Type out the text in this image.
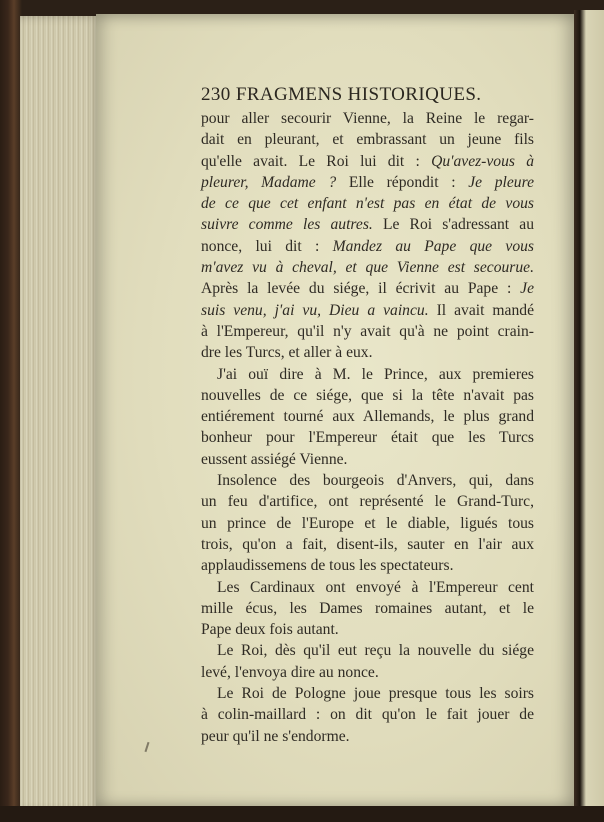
230 FRAGMENS HISTORIQUES.
pour aller secourir Vienne, la Reine le regar-
dait en pleurant, et embrassant un jeune fils
qu'elle avait. Le Roi lui dit : Qu'avez-vous à
pleurer, Madame ? Elle répondit : Je pleure
de ce que cet enfant n'est pas en état de vous
suivre comme les autres. Le Roi s'adressant au
nonce, lui dit : Mandez au Pape que vous
m'avez vu à cheval, et que Vienne est secourue.
Après la levée du siége, il écrivit au Pape : Je
suis venu, j'ai vu, Dieu a vaincu. Il avait mandé
à l'Empereur, qu'il n'y avait qu'à ne point crain-
dre les Turcs, et aller à eux.
J'ai ouï dire à M. le Prince, aux premieres
nouvelles de ce siége, que si la tête n'avait pas
entiérement tourné aux Allemands, le plus grand
bonheur pour l'Empereur était que les Turcs
eussent assiégé Vienne.
Insolence des bourgeois d'Anvers, qui, dans
un feu d'artifice, ont représenté le Grand-Turc,
un prince de l'Europe et le diable, ligués tous
trois, qu'on a fait, disent-ils, sauter en l'air aux
applaudissemens de tous les spectateurs.
Les Cardinaux ont envoyé à l'Empereur cent
mille écus, les Dames romaines autant, et le
Pape deux fois autant.
Le Roi, dès qu'il eut reçu la nouvelle du siége
levé, l'envoya dire au nonce.
Le Roi de Pologne joue presque tous les soirs
à colin-maillard : on dit qu'on le fait jouer de
peur qu'il ne s'endorme.
